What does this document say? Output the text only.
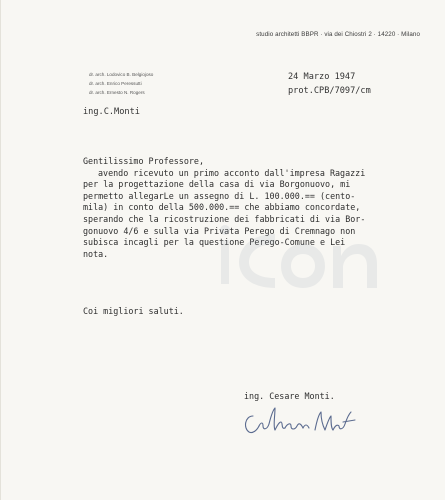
studio architetti BBPR · via dei Chiostri 2 · 14220 · Milano
dr. arch. Lodovico B. Belgiojoso
dr. arch. Enrico Peressutti
dr. arch. Ernesto N. Rogers
24 Marzo 1947
prot.CPB/7097/cm
ing.C.Monti
Gentilissimo Professore,
avendo ricevuto un primo acconto dall'impresa Ragazzi
per la progettazione della casa di via Borgonuovo, mi
permetto allegarLe un assegno di L. 100.000.== (cento-
mila) in conto della 500.000.== che abbiamo concordate,
sperando che la ricostruzione dei fabbricati di via Bor-
gonuovo 4/6 e sulla via Privata Perego di Cremnago non
subisca incagli per la questione Perego-Comune e Lei
nota.
Coi migliori saluti.
ing. Cesare Monti.
